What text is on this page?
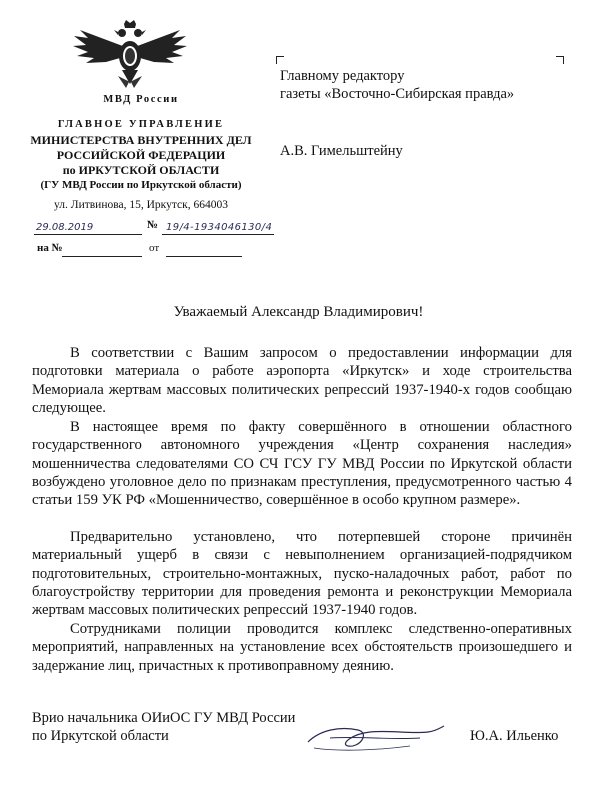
МВД России
ГЛАВНОЕ УПРАВЛЕНИЕ
МИНИСТЕРСТВА ВНУТРЕННИХ ДЕЛ
РОССИЙСКОЙ ФЕДЕРАЦИИ
по ИРКУТСКОЙ ОБЛАСТИ
(ГУ МВД России по Иркутской области)
ул. Литвинова, 15, Иркутск, 664003
29.08.2019	№ 19/4-1934046130/4
на №	от
Главному редактору
газеты «Восточно-Сибирская правда»
А.В. Гимельштейну
Уважаемый Александр Владимирович!

В соответствии с Вашим запросом о предоставлении информации для подготовки материала о работе аэропорта «Иркутск» и ходе строительства Мемориала жертвам массовых политических репрессий 1937-1940-х годов сообщаю следующее.

В настоящее время по факту совершённого в отношении областного государственного автономного учреждения «Центр сохранения наследия» мошенничества следователями СО СЧ ГСУ ГУ МВД России по Иркутской области возбуждено уголовное дело по признакам преступления, предусмотренного частью 4 статьи 159 УК РФ «Мошенничество, совершённое в особо крупном размере».

Предварительно установлено, что потерпевшей стороне причинён материальный ущерб в связи с невыполнением организацией-подрядчиком подготовительных, строительно-монтажных, пуско-наладочных работ, работ по благоустройству территории для проведения ремонта и реконструкции Мемориала жертвам массовых политических репрессий 1937-1940 годов.

Сотрудниками полиции проводится комплекс следственно-оперативных мероприятий, направленных на установление всех обстоятельств произошедшего и задержание лиц, причастных к противоправному деянию.

Врио начальника ОИиОС ГУ МВД России
по Иркутской области	Ю.А. Ильенко
